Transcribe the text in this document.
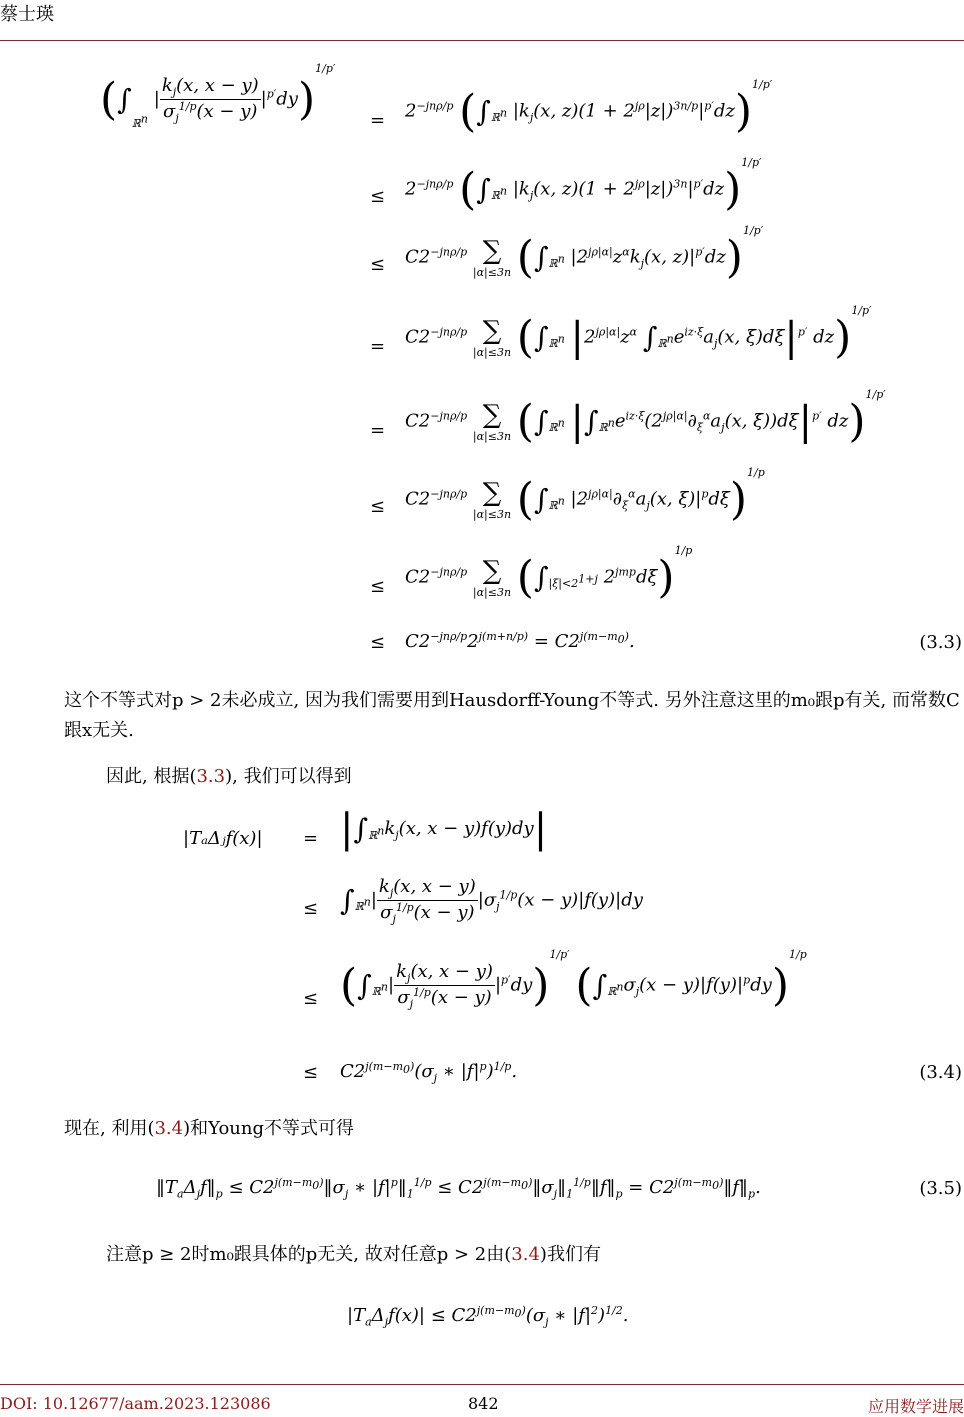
蔡士瑛
($\int_{ℝ^n}$ | $\frac{k_j(x, x - y)}{\sigma_j^{1/p}(x - y)} |^{p'}dy)^{1/p'}$
= $2^{-jn\rho/p}$ ($\int_{ℝ^n}$ $|k_j(x$, $z)(1 + 2^{j\rho}|z|)^{3n/p}|^{p'}dz)^{1/p'}$
≤ $2^{-jn\rho/p}$ ($\int_{ℝ^n}$ $|k_j(x$, $z)(1 + 2^{j\rho}|z|)^{3n}|^{p'}dz)^{1/p'}$
≤ $C2^{-jn\rho/p}$ ∑
|α|≤3n ($\int_{ℝ^n}$ $|2^{j\rho|\alpha|}z^\alpha k_j(x$, $z)|^{p'}dz)^{1/p'}$
= $C2^{-jn\rho/p}$ ∑
|α|≤3n ($\int_{ℝ^n}$ $|2^{j\rho|\alpha|}z^\alpha$ $\int_{ℝ^n}e^{iz\cdot\xi}a_j(x$, $\xi)d\xi|^{p'}$ dz)$^{1/p'}$
= $C2^{-jn\rho/p}$ ∑
|α|≤3n ($\int_{ℝ^n}$ $|\int_{ℝ^n}e^{iz\cdot\xi}(2^{j\rho|\alpha|}\partial_\xi^\alpha a_j(x$, $\xi))d\xi|^{p'}$ dz)$^{1/p'}$
≤ $C2^{-jn\rho/p}$ ∑
|α|≤3n ($\int_{ℝ^n}$ $|2^{j\rho|\alpha|}\partial_\xi^\alpha a_j(x$, $\xi)|^pd\xi)^{1/p}$
≤ $C2^{-jn\rho/p}$ ∑
|α|≤3n ($\int_{|\xi|<2^{1+j}}$ $2^{jmp}d\xi)^{1/p}$
≤ $C2^{-jn\rho/p}2^{j(m+n/p)} = C2^{j(m-m_0)}$.	(3.3)
这个不等式对p > 2未必成立, 因为我们需要用到Hausdorff-Young不等式. 另外注意这里的m₀跟p有关, 而常数C跟x无关.
因此, 根据(3.3), 我们可以得到
|TₐΔⱼf(x)| = $|\int_{ℝ^n}k_j(x$, x − y)f(y)dy|
≤ $\int_{ℝ^n}| \frac{k_j(x, x - y)}{\sigma_j^{1/p}(x - y)} |\sigma_j^{1/p}(x - y)|f(y)|dy$
≤ $(\int_{ℝ^n}| \frac{k_j(x, x - y)}{\sigma_j^{1/p}(x - y)} |^{p'}dy)^{1/p'}$ $(\int_{ℝ^n}\sigma_j(x - y)|f(y)|^pdy)^{1/p}$
≤ $C2^{j(m-m_0)}(\sigma_j$ ∗ $|f|^p)^{1/p}$.	(3.4)
现在, 利用(3.4)和Young不等式可得
$‖T_a\Delta_jf‖_p$ ≤ $C2^{j(m-m_0)}‖\sigma_j$ ∗ $|f|^p‖_1^{1/p}$ ≤ $C2^{j(m-m_0)}‖\sigma_j‖_1^{1/p}‖f‖_p$ = $C2^{j(m-m_0)}‖f‖_p$.	(3.5)
注意p ≥ 2时m₀跟具体的p无关, 故对任意p > 2由(3.4)我们有
$|T_a\Delta_jf(x)| \le C2^{j(m-m_0)}(\sigma_j$ ∗ $|f|^2)^{1/2}$.
DOI: 10.12677/aam.2023.123086	842	应用数学进展
